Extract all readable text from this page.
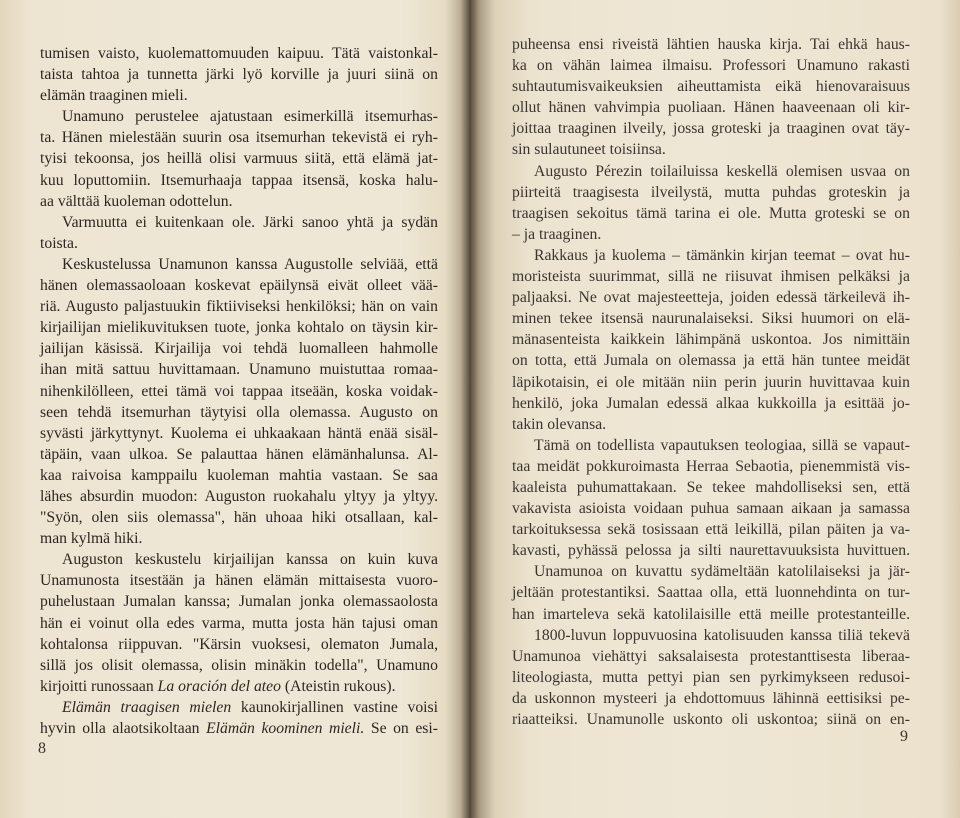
tumisen vaisto, kuolemattomuuden kaipuu. Tätä vaistonkal-

taista tahtoa ja tunnetta järki lyö korville ja juuri siinä on

elämän traaginen mieli.

Unamuno perustelee ajatustaan esimerkillä itsemurhas-

ta. Hänen mielestään suurin osa itsemurhan tekevistä ei ryh-

tyisi tekoonsa, jos heillä olisi varmuus siitä, että elämä jat-

kuu loputtomiin. Itsemurhaaja tappaa itsensä, koska halu-

aa välttää kuoleman odottelun.

Varmuutta ei kuitenkaan ole. Järki sanoo yhtä ja sydän

toista.

Keskustelussa Unamunon kanssa Augustolle selviää, että

hänen olemassaoloaan koskevat epäilynsä eivät olleet vää-

riä. Augusto paljastuukin fiktiiviseksi henkilöksi; hän on vain

kirjailijan mielikuvituksen tuote, jonka kohtalo on täysin kir-

jailijan käsissä. Kirjailija voi tehdä luomalleen hahmolle

ihan mitä sattuu huvittamaan. Unamuno muistuttaa romaa-

nihenkilölleen, ettei tämä voi tappaa itseään, koska voidak-

seen tehdä itsemurhan täytyisi olla olemassa. Augusto on

syvästi järkyttynyt. Kuolema ei uhkaakaan häntä enää sisäl-

täpäin, vaan ulkoa. Se palauttaa hänen elämänhalunsa. Al-

kaa raivoisa kamppailu kuoleman mahtia vastaan. Se saa

lähes absurdin muodon: Auguston ruokahalu yltyy ja yltyy.

"Syön, olen siis olemassa", hän uhoaa hiki otsallaan, kal-

man kylmä hiki.

Auguston keskustelu kirjailijan kanssa on kuin kuva

Unamunosta itsestään ja hänen elämän mittaisesta vuoro-

puhelustaan Jumalan kanssa; Jumalan jonka olemassaolosta

hän ei voinut olla edes varma, mutta josta hän tajusi oman

kohtalonsa riippuvan. "Kärsin vuoksesi, olematon Jumala,

sillä jos olisit olemassa, olisin minäkin todella", Unamuno

kirjoitti runossaan La oración del ateo (Ateistin rukous).

Elämän traagisen mielen kaunokirjallinen vastine voisi

hyvin olla alaotsikoltaan Elämän koominen mieli. Se on esi-

8

puheensa ensi riveistä lähtien hauska kirja. Tai ehkä haus-

ka on vähän laimea ilmaisu. Professori Unamuno rakasti

suhtautumisvaikeuksien aiheuttamista eikä hienovaraisuus

ollut hänen vahvimpia puoliaan. Hänen haaveenaan oli kir-

joittaa traaginen ilveily, jossa groteski ja traaginen ovat täy-

sin sulautuneet toisiinsa.

Augusto Pérezin toilailuissa keskellä olemisen usvaa on

piirteitä traagisesta ilveilystä, mutta puhdas groteskin ja

traagisen sekoitus tämä tarina ei ole. Mutta groteski se on

– ja traaginen.

Rakkaus ja kuolema – tämänkin kirjan teemat – ovat hu-

moristeista suurimmat, sillä ne riisuvat ihmisen pelkäksi ja

paljaaksi. Ne ovat majesteetteja, joiden edessä tärkeilevä ih-

minen tekee itsensä naurunalaiseksi. Siksi huumori on elä-

mänasenteista kaikkein lähimpänä uskontoa. Jos nimittäin

on totta, että Jumala on olemassa ja että hän tuntee meidät

läpikotaisin, ei ole mitään niin perin juurin huvittavaa kuin

henkilö, joka Jumalan edessä alkaa kukkoilla ja esittää jo-

takin olevansa.

Tämä on todellista vapautuksen teologiaa, sillä se vapaut-

taa meidät pokkuroimasta Herraa Sebaotia, pienemmistä vis-

kaaleista puhumattakaan. Se tekee mahdolliseksi sen, että

vakavista asioista voidaan puhua samaan aikaan ja samassa

tarkoituksessa sekä tosissaan että leikillä, pilan päiten ja va-

kavasti, pyhässä pelossa ja silti naurettavuuksista huvittuen.

Unamunoa on kuvattu sydämeltään katolilaiseksi ja jär-

jeltään protestantiksi. Saattaa olla, että luonnehdinta on tur-

han imarteleva sekä katolilaisille että meille protestanteille.

1800-luvun loppuvuosina katolisuuden kanssa tiliä tekevä

Unamunoa viehättyi saksalaisesta protestanttisesta liberaa-

liteologiasta, mutta pettyi pian sen pyrkimykseen redusoi-

da uskonnon mysteeri ja ehdottomuus lähinnä eettisiksi pe-

riaatteiksi. Unamunolle uskonto oli uskontoa; siinä on en-

9
